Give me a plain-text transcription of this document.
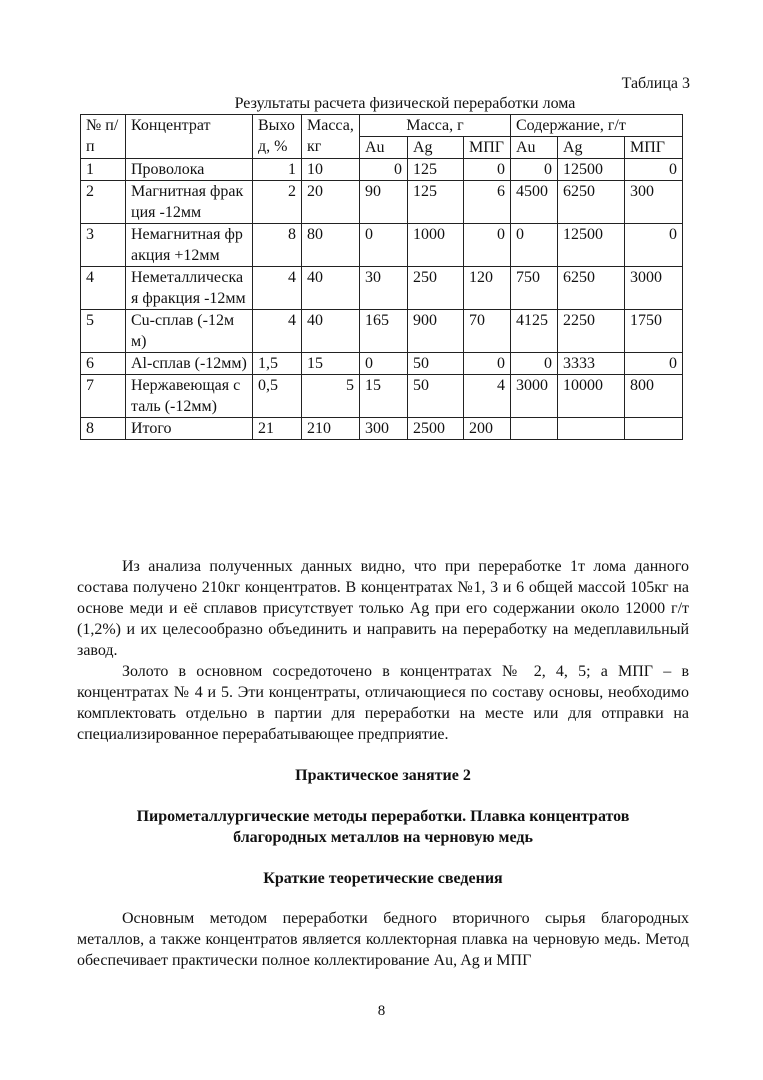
Таблица 3
Результаты расчета физической переработки лома
№ п/п	Концентрат	Выход, %	Масса, кг	Масса, г			Содержание, г/т		
				Au	Ag	МПГ	Au	Ag	МПГ
1	Проволока	1	10	0	125	0	0	12500	0
2	Магнитная фракция -12мм	2	20	90	125	6	4500	6250	300
3	Немагнитная фракция +12мм	8	80	0	1000	0	0	12500	0
4	Неметаллическая фракция -12мм	4	40	30	250	120	750	6250	3000
5	Cu-сплав (-12мм)	4	40	165	900	70	4125	2250	1750
6	Al-сплав (-12мм)	1,5	15	0	50	0	0	3333	0
7	Нержавеющая сталь (-12мм)	0,5	5	15	50	4	3000	10000	800
8	Итого	21	210	300	2500	200			

Из анализа полученных данных видно, что при переработке 1т лома данного состава получено 210кг концентратов. В концентратах №1, 3 и 6 общей массой 105кг на основе меди и её сплавов присутствует только Ag при его содержании около 12000 г/т (1,2%) и их целесообразно объединить и направить на переработку на медеплавильный завод.

Золото в основном сосредоточено в концентратах № 2, 4, 5; а МПГ – в концентратах № 4 и 5. Эти концентраты, отличающиеся по составу основы, необходимо комплектовать отдельно в партии для переработки на месте или для отправки на специализированное перерабатывающее предприятие.

Практическое занятие 2
Пирометаллургические методы переработки. Плавка концентратов
благородных металлов на черновую медь
Краткие теоретические сведения

Основным методом переработки бедного вторичного сырья благородных металлов, а также концентратов является коллекторная плавка на черновую медь. Метод обеспечивает практически полное коллектирование Au, Ag и МПГ

8
